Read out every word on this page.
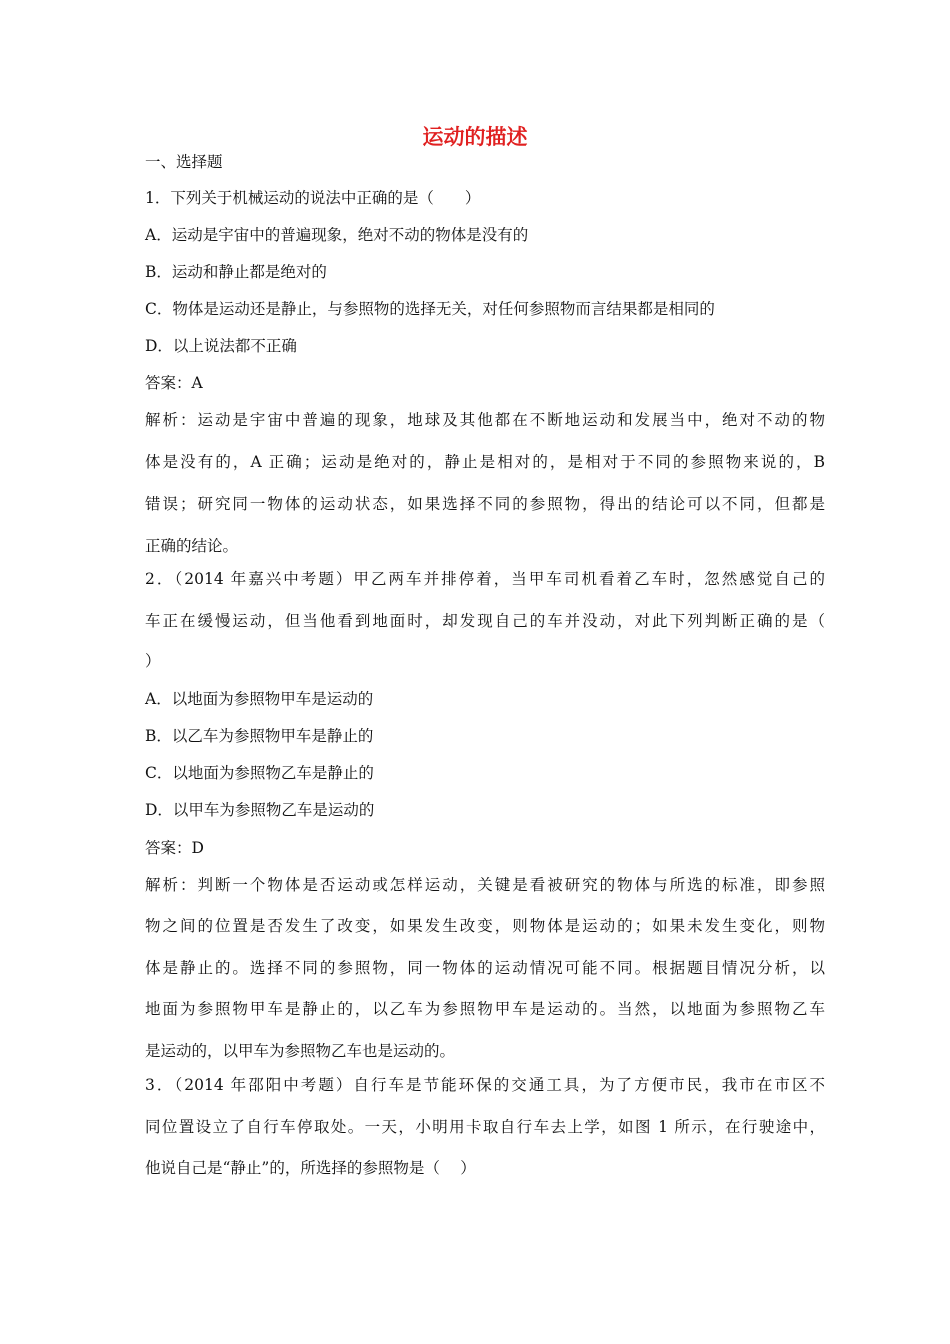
运动的描述
一、选择题
1．下列关于机械运动的说法中正确的是（　　）
A．运动是宇宙中的普遍现象，绝对不动的物体是没有的
B．运动和静止都是绝对的
C．物体是运动还是静止，与参照物的选择无关，对任何参照物而言结果都是相同的
D．以上说法都不正确
答案：A
解析：运动是宇宙中普遍的现象，地球及其他都在不断地运动和发展当中，绝对不动的物
体是没有的，A 正确；运动是绝对的，静止是相对的，是相对于不同的参照物来说的，B
错误；研究同一物体的运动状态，如果选择不同的参照物，得出的结论可以不同，但都是
正确的结论。
2．（2014 年嘉兴中考题）甲乙两车并排停着，当甲车司机看着乙车时，忽然感觉自己的
车正在缓慢运动，但当他看到地面时，却发现自己的车并没动，对此下列判断正确的是（
）
A．以地面为参照物甲车是运动的
B．以乙车为参照物甲车是静止的
C．以地面为参照物乙车是静止的
D．以甲车为参照物乙车是运动的
答案：D
解析：判断一个物体是否运动或怎样运动，关键是看被研究的物体与所选的标准，即参照
物之间的位置是否发生了改变，如果发生改变，则物体是运动的；如果未发生变化，则物
体是静止的。选择不同的参照物，同一物体的运动情况可能不同。根据题目情况分析，以
地面为参照物甲车是静止的，以乙车为参照物甲车是运动的。当然，以地面为参照物乙车
是运动的，以甲车为参照物乙车也是运动的。
3．（2014 年邵阳中考题）自行车是节能环保的交通工具，为了方便市民，我市在市区不
同位置设立了自行车停取处。一天，小明用卡取自行车去上学，如图 1 所示，在行驶途中，
他说自己是“静止”的，所选择的参照物是（　 ）
